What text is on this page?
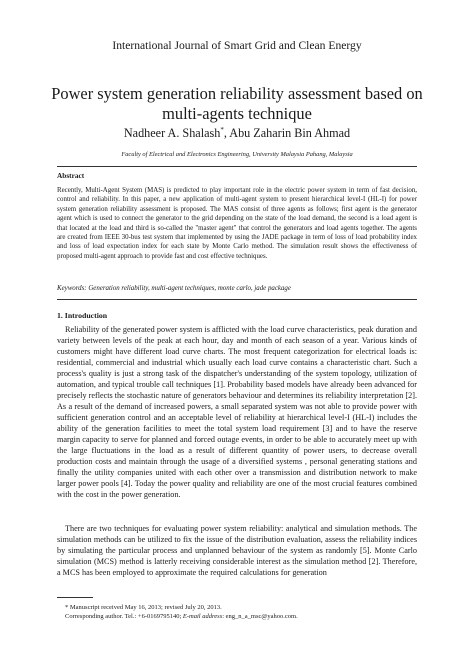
International Journal of Smart Grid and Clean Energy
Power system generation reliability assessment based on multi-agents technique
Nadheer A. Shalash*, Abu Zaharin Bin Ahmad
Faculty of Electrical and Electronics Engineering, University Malaysia Pahang, Malaysia
Abstract
Recently, Multi-Agent System (MAS) is predicted to play important role in the electric power system in term of fast decision, control and reliability. In this paper, a new application of multi-agent system to present hierarchical level-I (HL-I) for power system generation reliability assessment is proposed. The MAS consist of three agents as follows; first agent is the generator agent which is used to connect the generator to the grid depending on the state of the load demand, the second is a load agent is that located at the load and third is so-called the "master agent" that control the generators and load agents together. The agents are created from IEEE 30-bus test system that implemented by using the JADE package in term of loss of load probability index and loss of load expectation index for each state by Monte Carlo method. The simulation result shows the effectiveness of proposed multi-agent approach to provide fast and cost effective techniques.
Keywords: Generation reliability, multi-agent techniques, monte carlo, jade package
1. Introduction
Reliability of the generated power system is afflicted with the load curve characteristics, peak duration and variety between levels of the peak at each hour, day and month of each season of a year. Various kinds of customers might have different load curve charts. The most frequent categorization for electrical loads is: residential, commercial and industrial which usually each load curve contains a characteristic chart. Such a process's quality is just a strong task of the dispatcher's understanding of the system topology, utilization of automation, and typical trouble call techniques [1]. Probability based models have already been advanced for precisely reflects the stochastic nature of generators behaviour and determines its reliability interpretation [2]. As a result of the demand of increased powers, a small separated system was not able to provide power with sufficient generation control and an acceptable level of reliability at hierarchical level-I (HL-I) includes the ability of the generation facilities to meet the total system load requirement [3] and to have the reserve margin capacity to serve for planned and forced outage events, in order to be able to accurately meet up with the large fluctuations in the load as a result of different quantity of power users, to decrease overall production costs and maintain through the usage of a diversified systems , personal generating stations and finally the utility companies united with each other over a transmission and distribution network to make larger power pools [4]. Today the power quality and reliability are one of the most crucial features combined with the cost in the power generation.
There are two techniques for evaluating power system reliability: analytical and simulation methods. The simulation methods can be utilized to fix the issue of the distribution evaluation, assess the reliability indices by simulating the particular process and unplanned behaviour of the system as randomly [5]. Monte Carlo simulation (MCS) method is latterly receiving considerable interest as the simulation method [2]. Therefore, a MCS has been employed to approximate the required calculations for generation
* Manuscript received May 16, 2013; revised July 20, 2013.
Corresponding author. Tel.: +6-0169795140; E-mail address: eng_n_a_msc@yahoo.com.
